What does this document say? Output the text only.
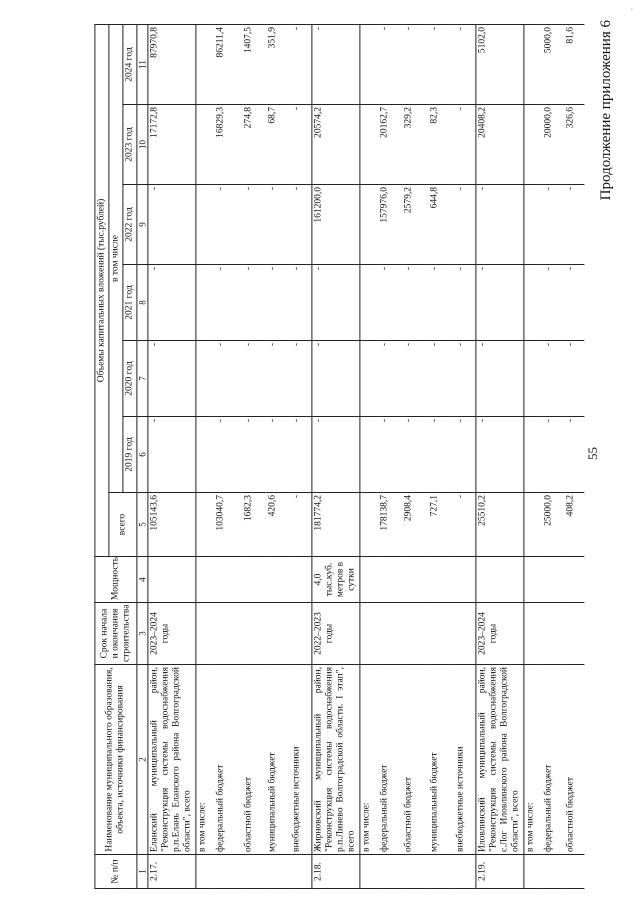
55
Продолжение приложения 6
~
№ п/п	Наименование муниципального образования, объекта, источники финансирования	Срок начала и окончания строительства	Мощность	Объемы капитальных вложений (тыс.рублей)						
				всего	в том числе					
					2019 год	2020 год	2021 год	2022 год	2023 год	2024 год
1	2	3	4	5	6	7	8	9	10	11
2.17.	Еланский муниципальный район, "Реконструкция системы водоснабжения р.п.Елань Еланского района Волгоградской области", всего	2023–2024 годы		105143,6	-	-	-	-	17172,8	87970,8
	в том числе:									
	федеральный бюджет			103040,7	-	-	-	-	16829,3	86211,4
	областной бюджет			1682,3	-	-	-	-	274,8	1407,5
	муниципальный бюджет			420,6	-	-	-	-	68,7	351,9
	внебюджетные источники			-	-	-	-	-	-	-
2.18.	Жирновский муниципальный район, "Реконструкция системы водоснабжения р.п.Линево Волгоградской области. I этап", всего	2022–2023 годы	4,0 тыс.куб. метров в сутки	181774,2	-	-	-	161200,0	20574,2	-
	в том числе:									
	федеральный бюджет			178138,7	-	-	-	157976,0	20162,7	-
	областной бюджет			2908,4	-	-	-	2579,2	329,2	-
	муниципальный бюджет			727,1	-	-	-	644,8	82,3	-
	внебюджетные источники			-	-	-	-	-	-	-
2.19.	Иловлинский муниципальный район, "Реконструкция системы водоснабжения с.Лог Иловлинского района Волгоградской области", всего	2023–2024 годы		25510,2	-	-	-	-	20408,2	5102,0
	в том числе:									
	федеральный бюджет			25000,0	-	-	-	-	20000,0	5000,0
	областной бюджет			408,2	-	-	-	-	326,6	81,6
